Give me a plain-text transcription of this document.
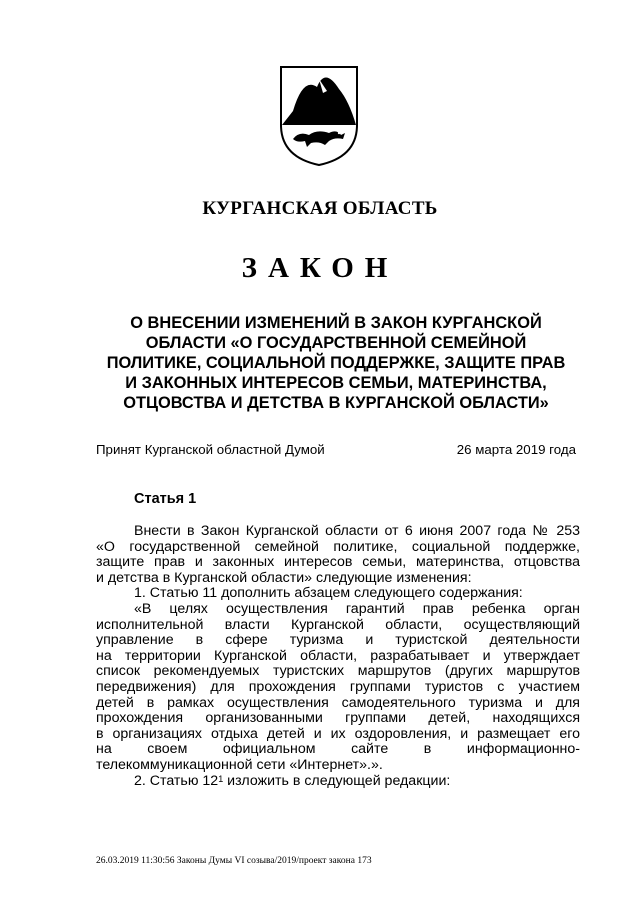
КУРГАНСКАЯ ОБЛАСТЬ
ЗАКОН
О ВНЕСЕНИИ ИЗМЕНЕНИЙ В ЗАКОН КУРГАНСКОЙ
ОБЛАСТИ «О ГОСУДАРСТВЕННОЙ СЕМЕЙНОЙ
ПОЛИТИКЕ, СОЦИАЛЬНОЙ ПОДДЕРЖКЕ, ЗАЩИТЕ ПРАВ
И ЗАКОННЫХ ИНТЕРЕСОВ СЕМЬИ, МАТЕРИНСТВА,
ОТЦОВСТВА И ДЕТСТВА В КУРГАНСКОЙ ОБЛАСТИ»
Принят Курганской областной Думой	26 марта 2019 года
Статья 1
Внести в Закон Курганской области от 6 июня 2007 года № 253
«О государственной семейной политике, социальной поддержке,
защите прав и законных интересов семьи, материнства, отцовства
и детства в Курганской области» следующие изменения:
1. Статью 11 дополнить абзацем следующего содержания:
«В целях осуществления гарантий прав ребенка орган
исполнительной власти Курганской области, осуществляющий
управление в сфере туризма и туристской деятельности
на территории Курганской области, разрабатывает и утверждает
список рекомендуемых туристских маршрутов (других маршрутов
передвижения) для прохождения группами туристов с участием
детей в рамках осуществления самодеятельного туризма и для
прохождения организованными группами детей, находящихся
в организациях отдыха детей и их оздоровления, и размещает его
на своем официальном сайте в информационно-
телекоммуникационной сети «Интернет».».
2. Статью $12^1$ изложить в следующей редакции:
26.03.2019 11:30:56 Законы Думы VI созыва/2019/проект закона 173
